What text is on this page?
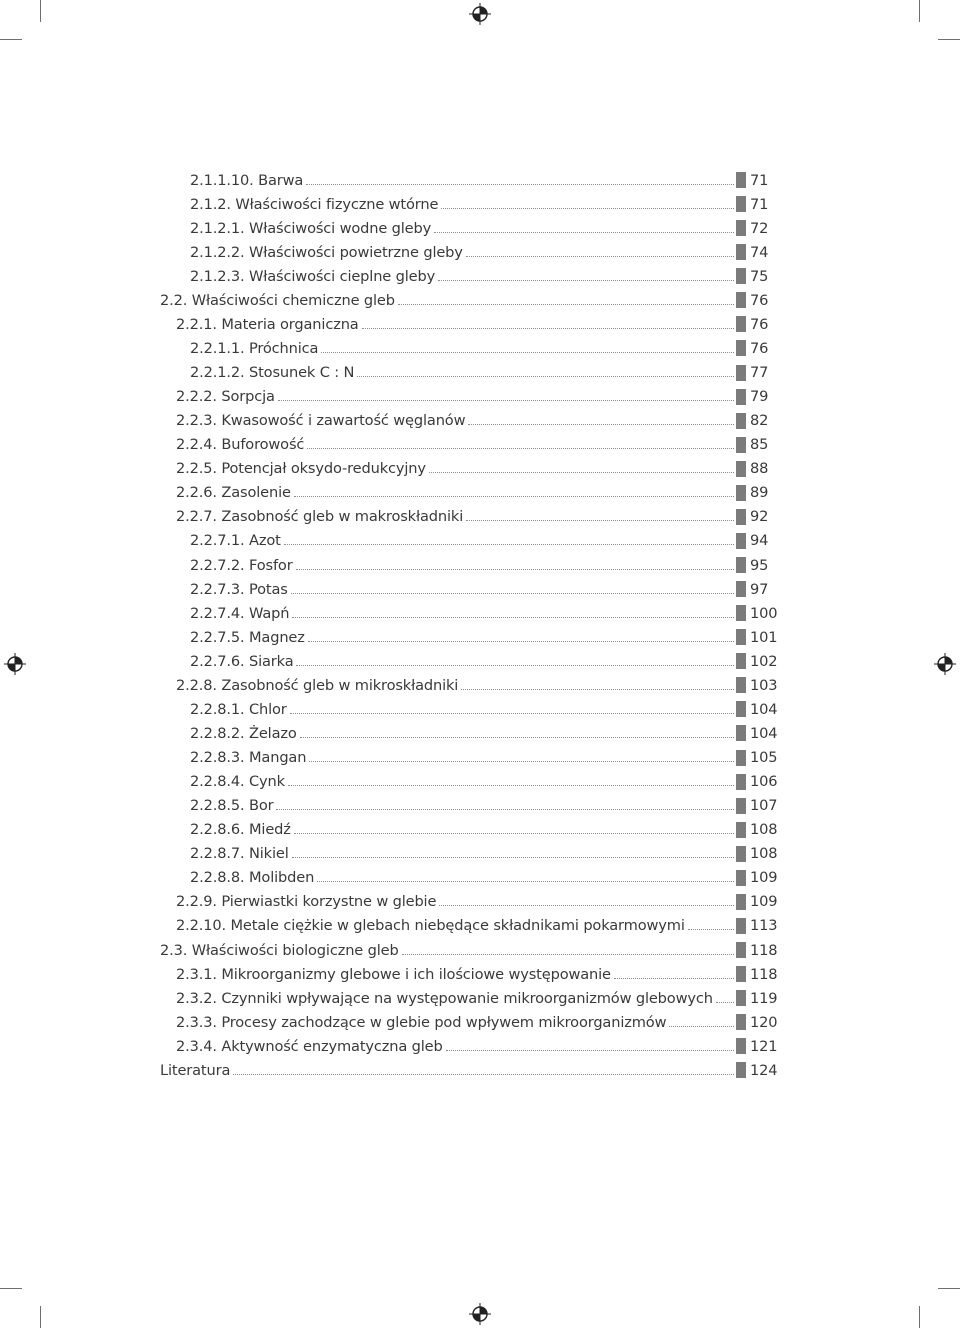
2.1.1.10. Barwa	71
2.1.2. Właściwości fizyczne wtórne	71
2.1.2.1. Właściwości wodne gleby	72
2.1.2.2. Właściwości powietrzne gleby	74
2.1.2.3. Właściwości cieplne gleby	75
2.2. Właściwości chemiczne gleb	76
2.2.1. Materia organiczna	76
2.2.1.1. Próchnica	76
2.2.1.2. Stosunek C : N	77
2.2.2. Sorpcja	79
2.2.3. Kwasowość i zawartość węglanów	82
2.2.4. Buforowość	85
2.2.5. Potencjał oksydo-redukcyjny	88
2.2.6. Zasolenie	89
2.2.7. Zasobność gleb w makroskładniki	92
2.2.7.1. Azot	94
2.2.7.2. Fosfor	95
2.2.7.3. Potas	97
2.2.7.4. Wapń	100
2.2.7.5. Magnez	101
2.2.7.6. Siarka	102
2.2.8. Zasobność gleb w mikroskładniki	103
2.2.8.1. Chlor	104
2.2.8.2. Żelazo	104
2.2.8.3. Mangan	105
2.2.8.4. Cynk	106
2.2.8.5. Bor	107
2.2.8.6. Miedź	108
2.2.8.7. Nikiel	108
2.2.8.8. Molibden	109
2.2.9. Pierwiastki korzystne w glebie	109
2.2.10. Metale ciężkie w glebach niebędące składnikami pokarmowymi	113
2.3. Właściwości biologiczne gleb	118
2.3.1. Mikroorganizmy glebowe i ich ilościowe występowanie	118
2.3.2. Czynniki wpływające na występowanie mikroorganizmów glebowych	119
2.3.3. Procesy zachodzące w glebie pod wpływem mikroorganizmów	120
2.3.4. Aktywność enzymatyczna gleb	121
Literatura	124
